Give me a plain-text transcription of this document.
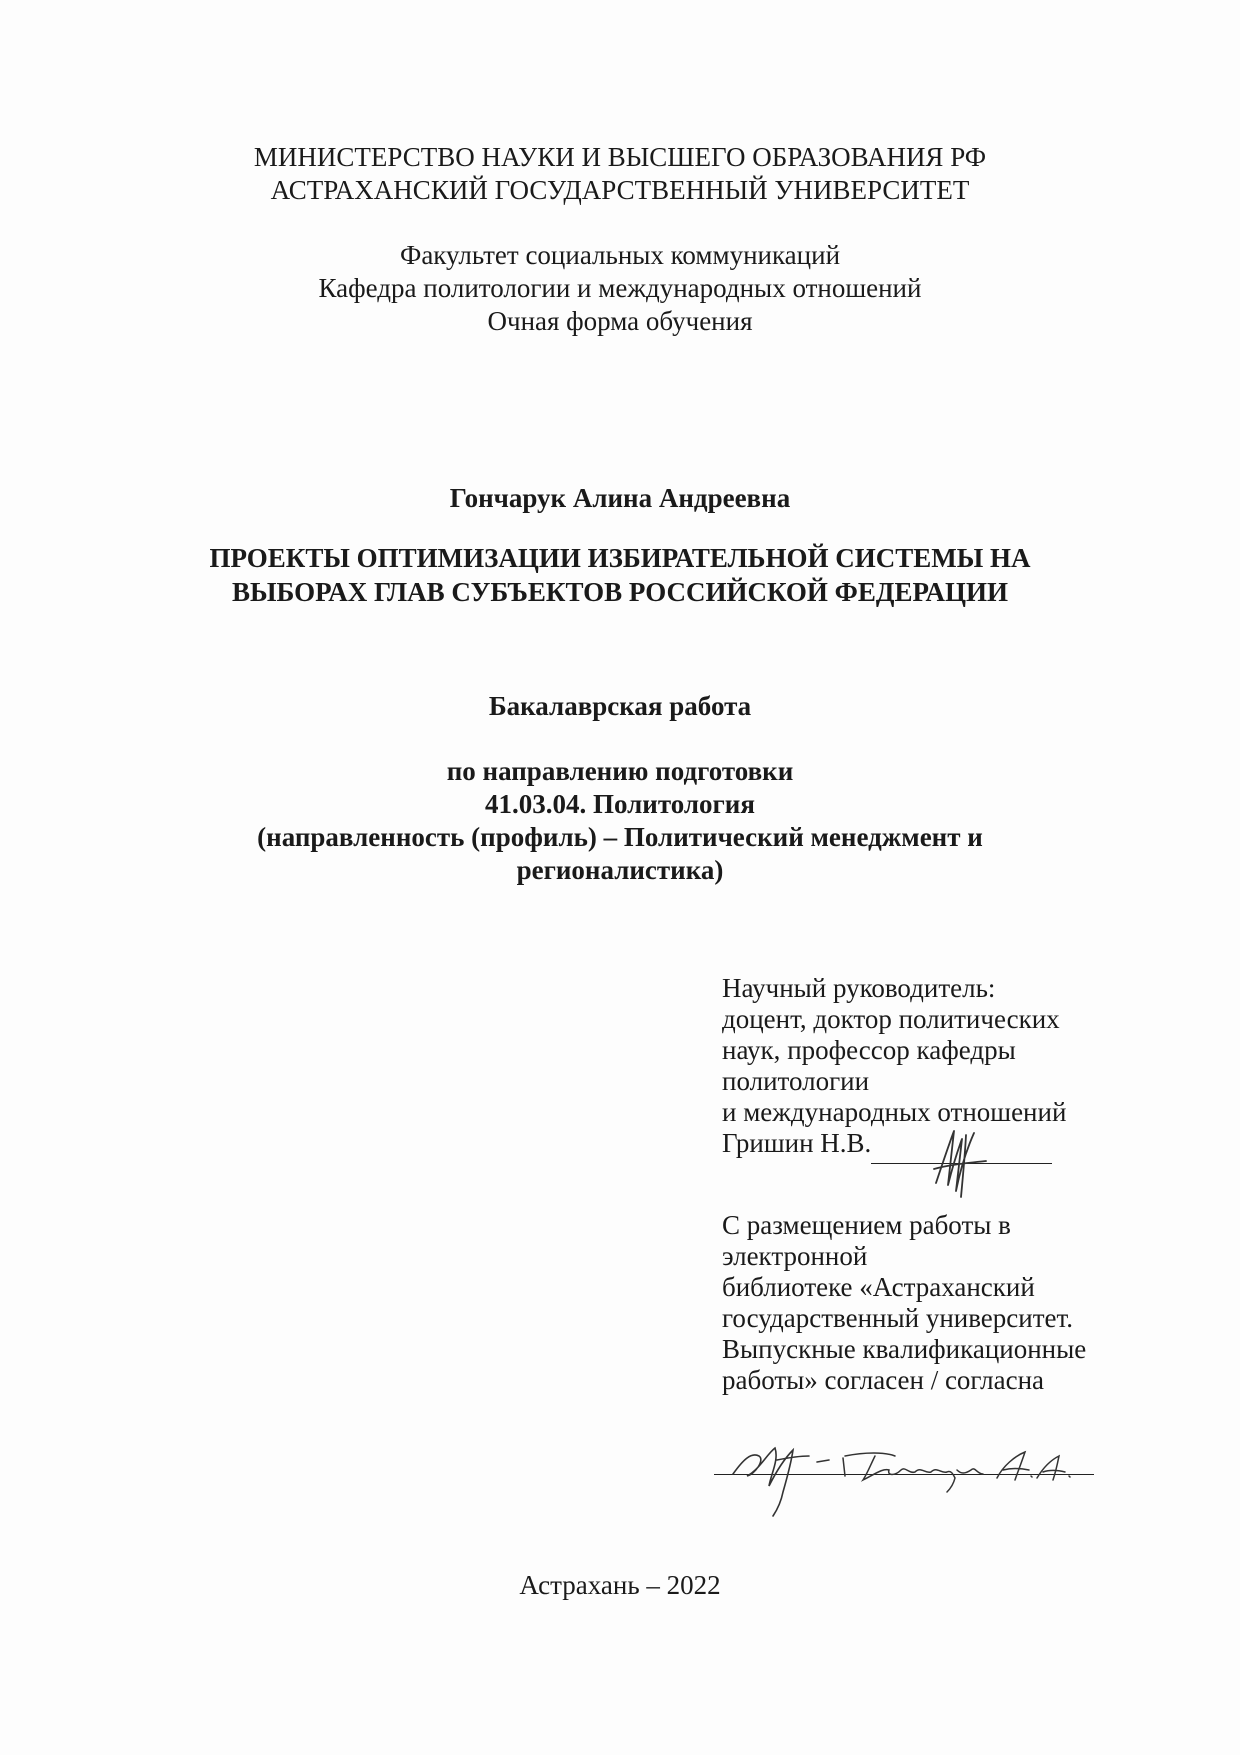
МИНИСТЕРСТВО НАУКИ И ВЫСШЕГО ОБРАЗОВАНИЯ РФ
АСТРАХАНСКИЙ ГОСУДАРСТВЕННЫЙ УНИВЕРСИТЕТ
Факультет социальных коммуникаций
Кафедра политологии и международных отношений
Очная форма обучения
Гончарук Алина Андреевна
ПРОЕКТЫ ОПТИМИЗАЦИИ ИЗБИРАТЕЛЬНОЙ СИСТЕМЫ НА
ВЫБОРАХ ГЛАВ СУБЪЕКТОВ РОССИЙСКОЙ ФЕДЕРАЦИИ
Бакалаврская работа
по направлению подготовки
41.03.04. Политология
(направленность (профиль) – Политический менеджмент и
регионалистика)
Научный руководитель:
доцент, доктор политических
наук, профессор кафедры
политологии
и международных отношений
Гришин Н.В.
С размещением работы в
электронной
библиотеке «Астраханский
государственный университет.
Выпускные квалификационные
работы» согласен / согласна
Астрахань – 2022
